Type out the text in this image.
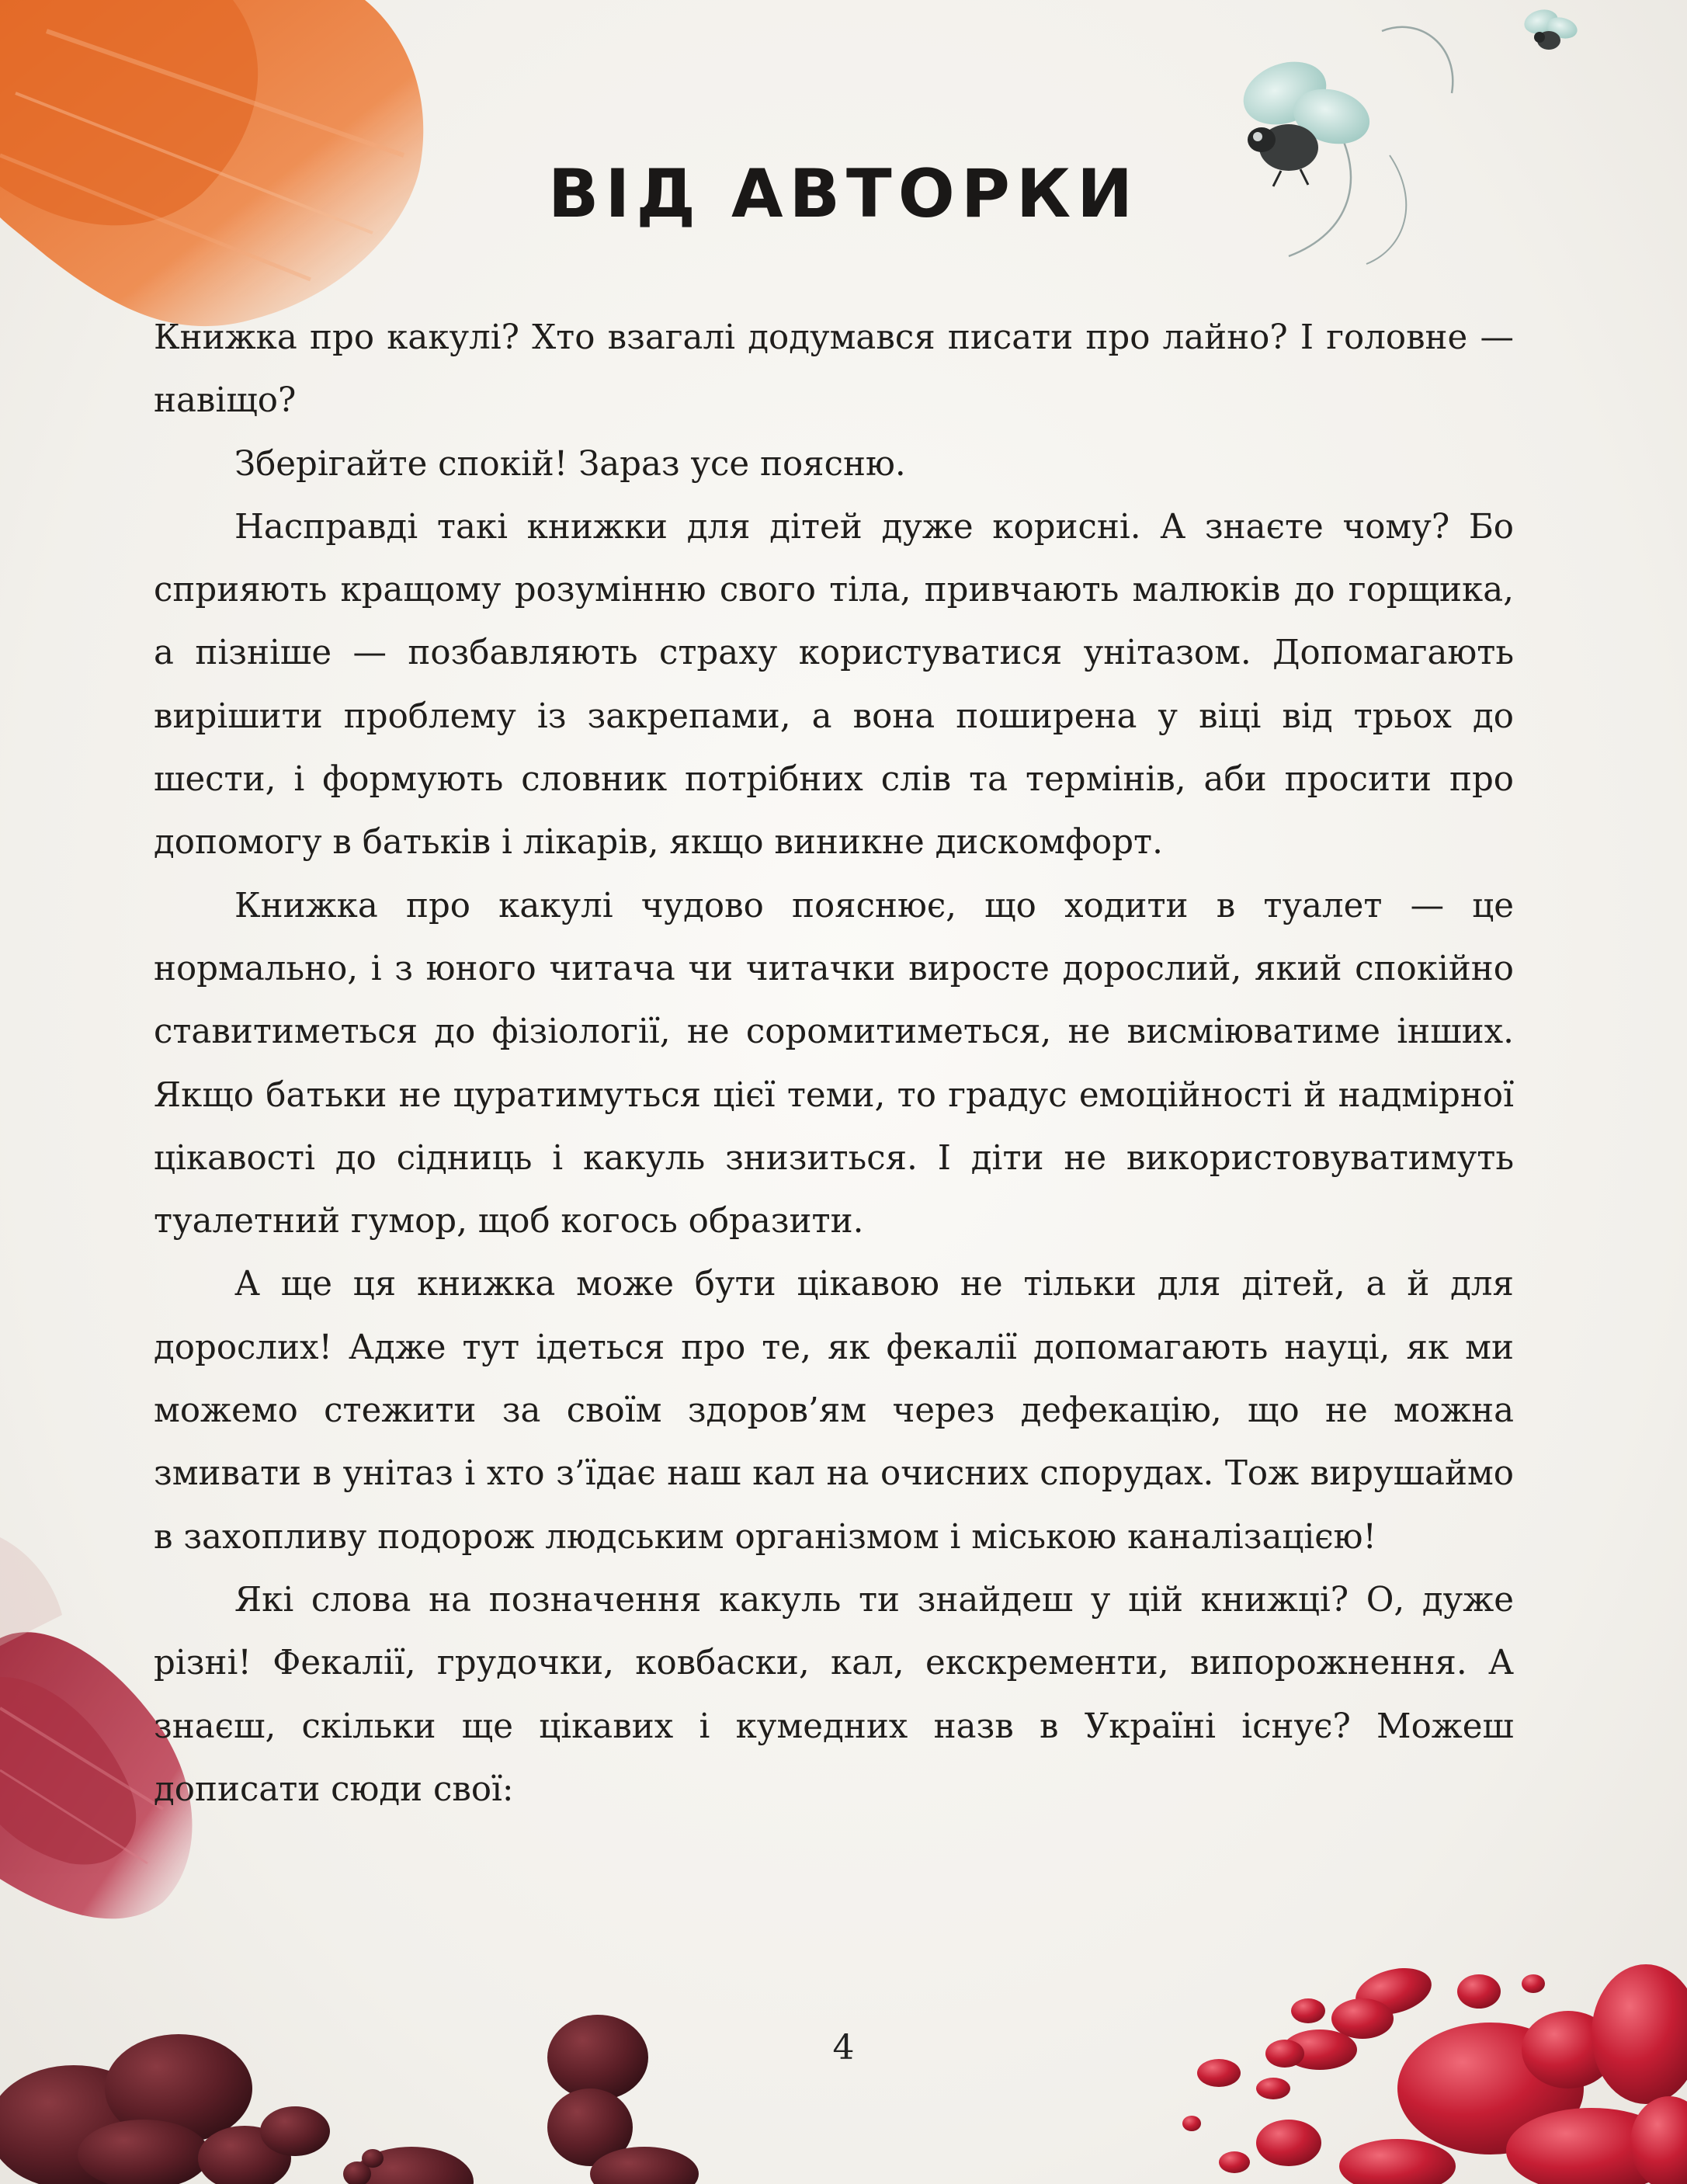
ВІД АВТОРКИ

Книжка про какулі? Хто взагалі додумався писати про лайно? І головне — навіщо?

Зберігайте спокій! Зараз усе поясню.

Насправді такі книжки для дітей дуже корисні. А знаєте чому? Бо сприяють кращому розумінню свого тіла, привчають малюків до горщика, а пізніше — позбавляють страху користуватися унітазом. Допомагають вирішити проблему із закрепами, а вона поширена у віці від трьох до шести, і формують словник потрібних слів та термінів, аби просити про допомогу в батьків і лікарів, якщо виникне дискомфорт.

Книжка про какулі чудово пояснює, що ходити в туалет — це нормально, і з юного читача чи читачки виросте дорослий, який спокійно ставитиметься до фізіології, не соромитиметься, не висміюватиме інших. Якщо батьки не цуратимуться цієї теми, то градус емоційності й надмірної цікавості до сідниць і какуль знизиться. І діти не використовуватимуть туалетний гумор, щоб когось образити.

А ще ця книжка може бути цікавою не тільки для дітей, а й для дорослих! Адже тут ідеться про те, як фекалії допомагають науці, як ми можемо стежити за своїм здоров’ям через дефекацію, що не можна змивати в унітаз і хто з’їдає наш кал на очисних спорудах. Тож вирушаймо в захопливу подорож людським організмом і міською каналізацією!

Які слова на позначення какуль ти знайдеш у цій книжці? О, дуже різні! Фекалії, грудочки, ковбаски, кал, екскременти, випорожнення. А знаєш, скільки ще цікавих і кумедних назв в Україні існує? Можеш дописати сюди свої:

4
